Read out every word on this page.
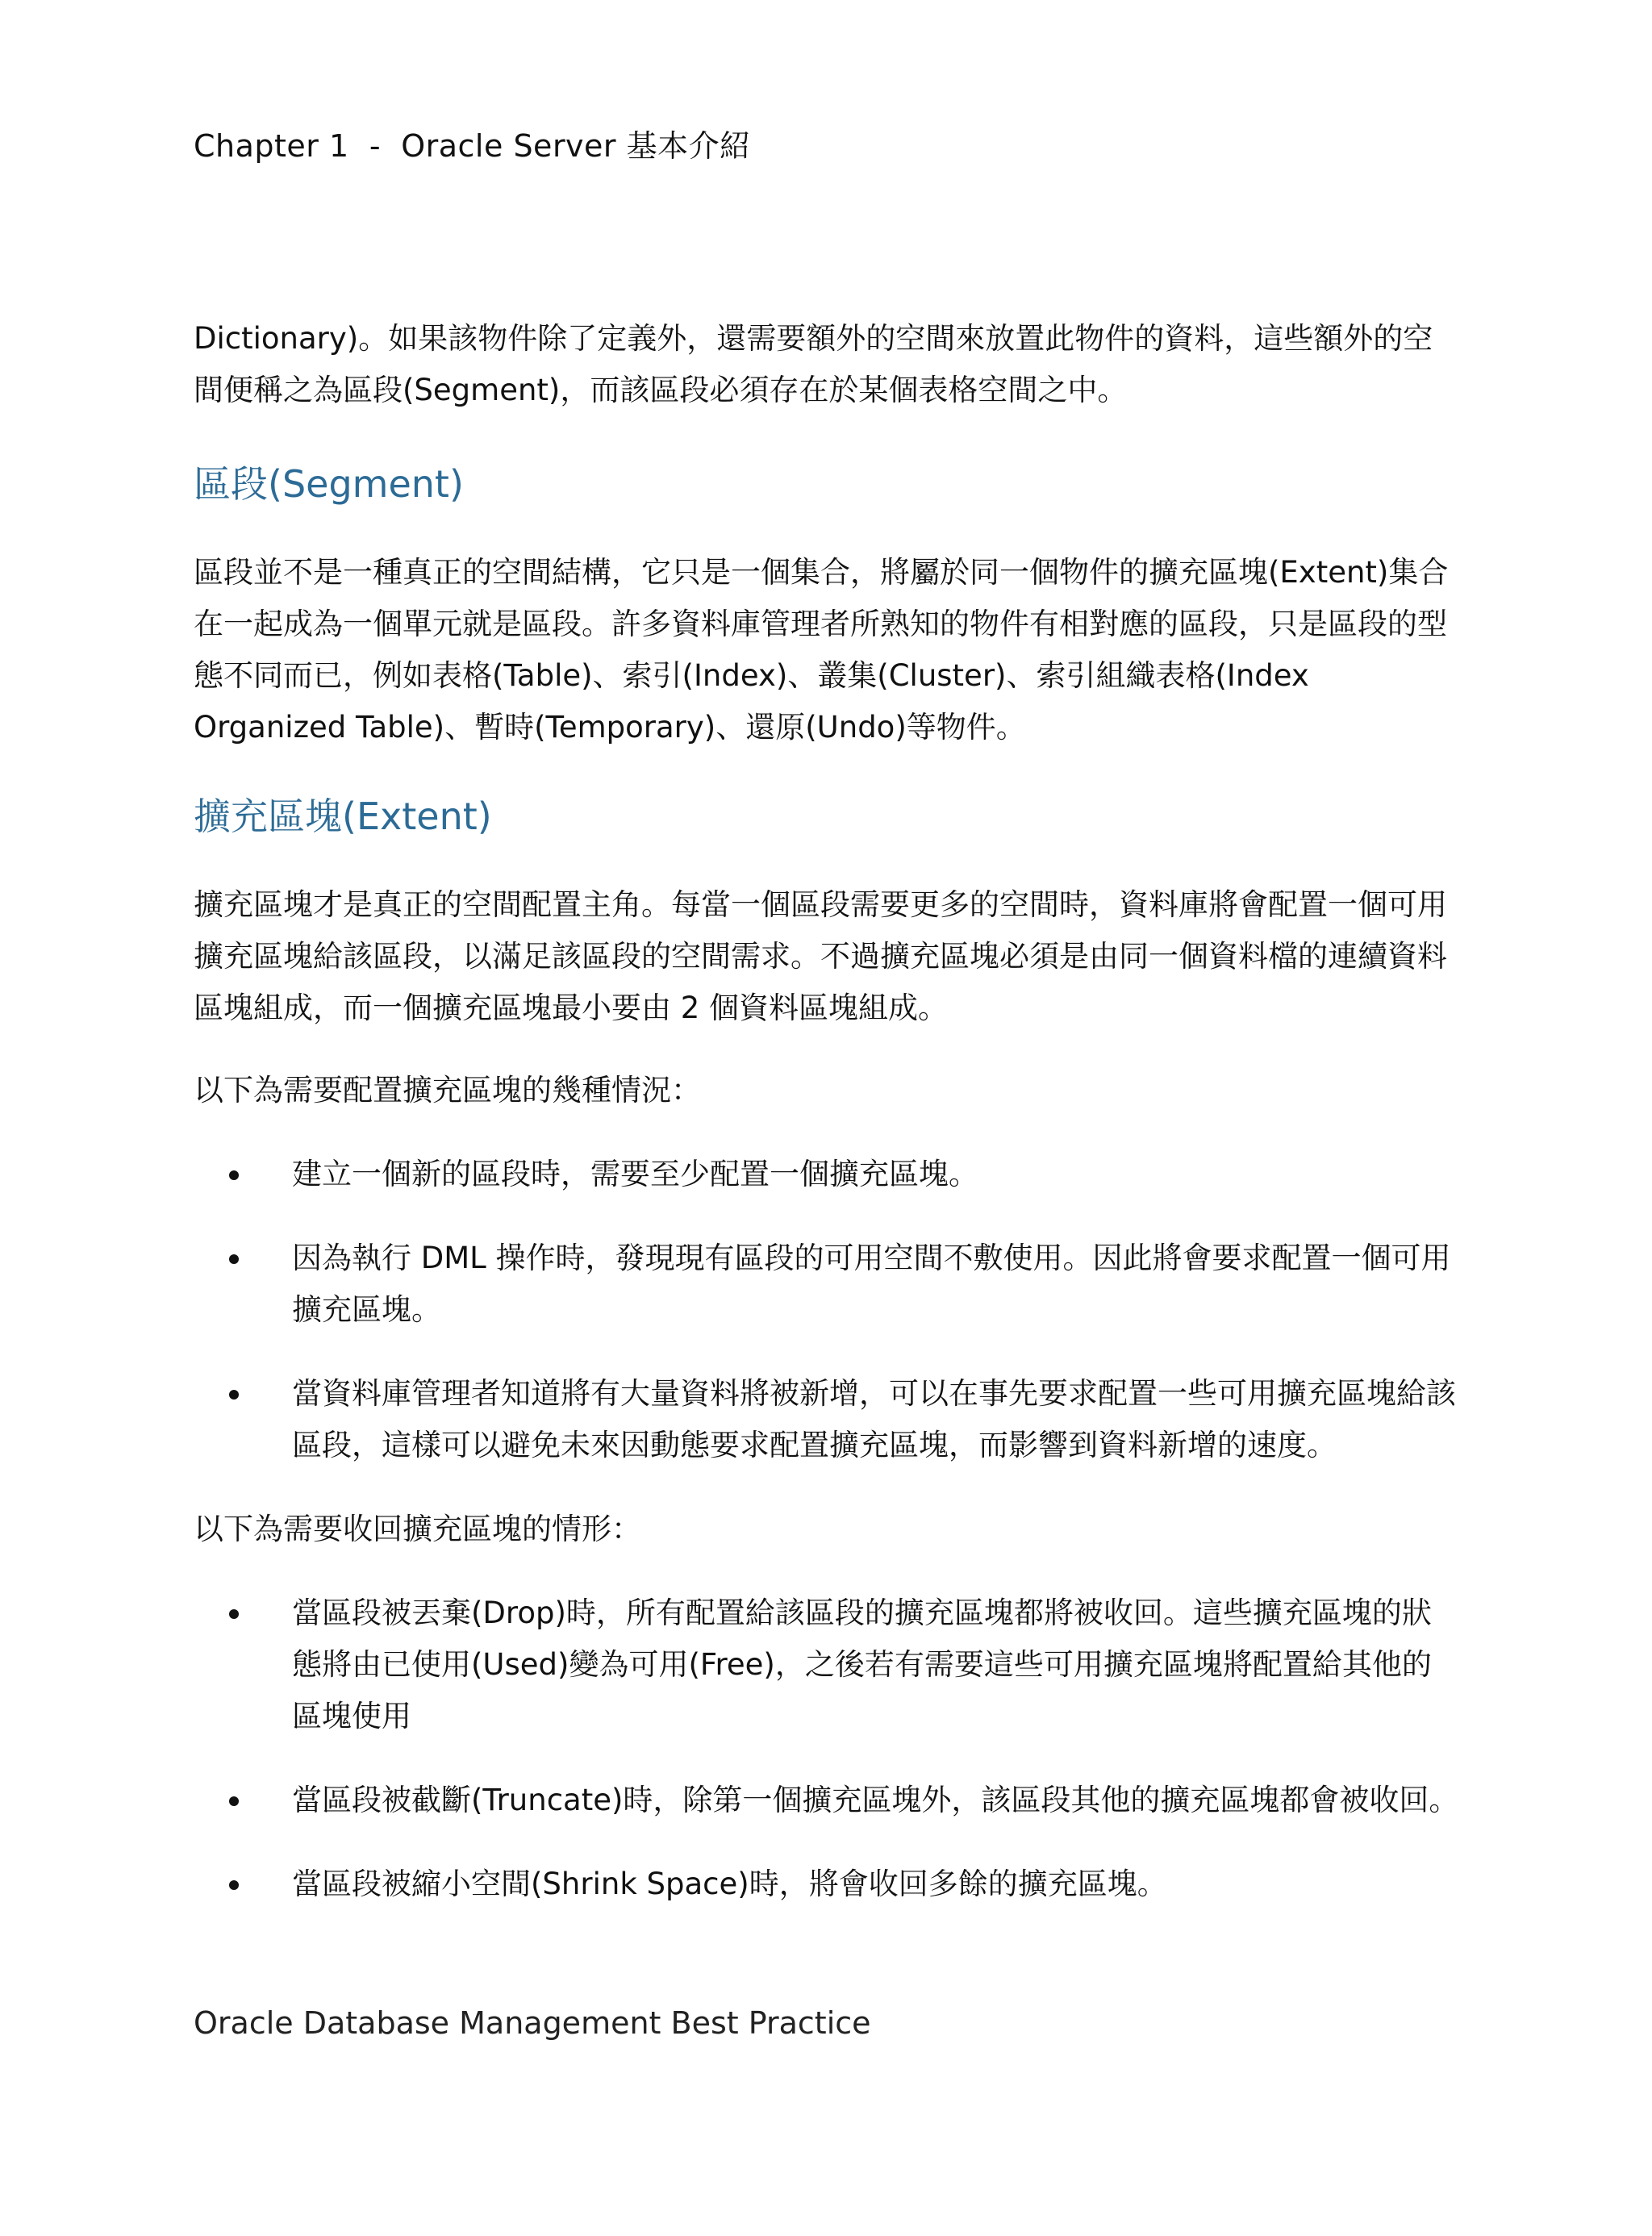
Chapter 1  -  Oracle Server 基本介紹

Dictionary)。如果該物件除了定義外，還需要額外的空間來放置此物件的資料，這些額外的空間便稱之為區段(Segment)，而該區段必須存在於某個表格空間之中。

區段(Segment)

區段並不是一種真正的空間結構，它只是一個集合，將屬於同一個物件的擴充區塊(Extent)集合在一起成為一個單元就是區段。許多資料庫管理者所熟知的物件有相對應的區段，只是區段的型態不同而已，例如表格(Table)、索引(Index)、叢集(Cluster)、索引組織表格(Index Organized Table)、暫時(Temporary)、還原(Undo)等物件。

擴充區塊(Extent)

擴充區塊才是真正的空間配置主角。每當一個區段需要更多的空間時，資料庫將會配置一個可用擴充區塊給該區段，以滿足該區段的空間需求。不過擴充區塊必須是由同一個資料檔的連續資料區塊組成，而一個擴充區塊最小要由 2 個資料區塊組成。

以下為需要配置擴充區塊的幾種情況：

建立一個新的區段時，需要至少配置一個擴充區塊。
因為執行 DML 操作時，發現現有區段的可用空間不敷使用。因此將會要求配置一個可用擴充區塊。
當資料庫管理者知道將有大量資料將被新增，可以在事先要求配置一些可用擴充區塊給該區段，這樣可以避免未來因動態要求配置擴充區塊，而影響到資料新增的速度。

以下為需要收回擴充區塊的情形：

當區段被丟棄(Drop)時，所有配置給該區段的擴充區塊都將被收回。這些擴充區塊的狀態將由已使用(Used)變為可用(Free)，之後若有需要這些可用擴充區塊將配置給其他的區塊使用
當區段被截斷(Truncate)時，除第一個擴充區塊外，該區段其他的擴充區塊都會被收回。
當區段被縮小空間(Shrink Space)時，將會收回多餘的擴充區塊。
Oracle Database Management Best Practice
